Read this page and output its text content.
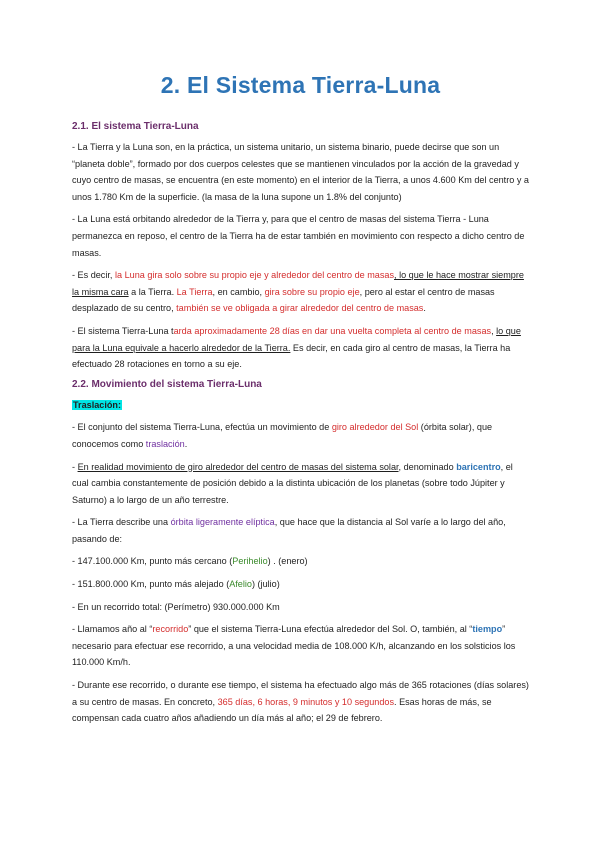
2. El Sistema Tierra-Luna
2.1. El sistema Tierra-Luna

- La Tierra y la Luna son, en la práctica, un sistema unitario, un sistema binario, puede decirse que son un “planeta doble”, formado por dos cuerpos celestes que se mantienen vinculados por la acción de la gravedad y cuyo centro de masas, se encuentra (en este momento) en el interior de la Tierra, a unos 4.600 Km del centro y a unos 1.780 Km de la superficie. (la masa de la luna supone un 1.8% del conjunto)

- La Luna está orbitando alrededor de la Tierra y, para que el centro de masas del sistema Tierra - Luna permanezca en reposo, el centro de la Tierra ha de estar también en movimiento con respecto a dicho centro de masas.

- Es decir, la Luna gira solo sobre su propio eje y alrededor del centro de masas, lo que le hace mostrar siempre la misma cara a la Tierra. La Tierra, en cambio, gira sobre su propio eje, pero al estar el centro de masas desplazado de su centro, también se ve obligada a girar alrededor del centro de masas.

- El sistema Tierra-Luna tarda aproximadamente 28 días en dar una vuelta completa al centro de masas, lo que para la Luna equivale a hacerlo alrededor de la Tierra. Es decir, en cada giro al centro de masas, la Tierra ha efectuado 28 rotaciones en torno a su eje.

2.2. Movimiento del sistema Tierra-Luna

Traslación:

- El conjunto del sistema Tierra-Luna, efectúa un movimiento de giro alrededor del Sol (órbita solar), que conocemos como traslación.

- En realidad movimiento de giro alrededor del centro de masas del sistema solar, denominado baricentro, el cual cambia constantemente de posición debido a la distinta ubicación de los planetas (sobre todo Júpiter y Saturno) a lo largo de un año terrestre.

- La Tierra describe una órbita ligeramente elíptica, que hace que la distancia al Sol varíe a lo largo del año, pasando de:

- 147.100.000 Km, punto más cercano (Perihelio) . (enero)

- 151.800.000 Km, punto más alejado (Afelio) (julio)

- En un recorrido total: (Perímetro) 930.000.000 Km

- Llamamos año al “recorrido” que el sistema Tierra-Luna efectúa alrededor del Sol. O, también, al “tiempo” necesario para efectuar ese recorrido, a una velocidad media de 108.000 K/h, alcanzando en los solsticios los 110.000 Km/h.

- Durante ese recorrido, o durante ese tiempo, el sistema ha efectuado algo más de 365 rotaciones (días solares) a su centro de masas. En concreto, 365 días, 6 horas, 9 minutos y 10 segundos. Esas horas de más, se compensan cada cuatro años añadiendo un día más al año; el 29 de febrero.
